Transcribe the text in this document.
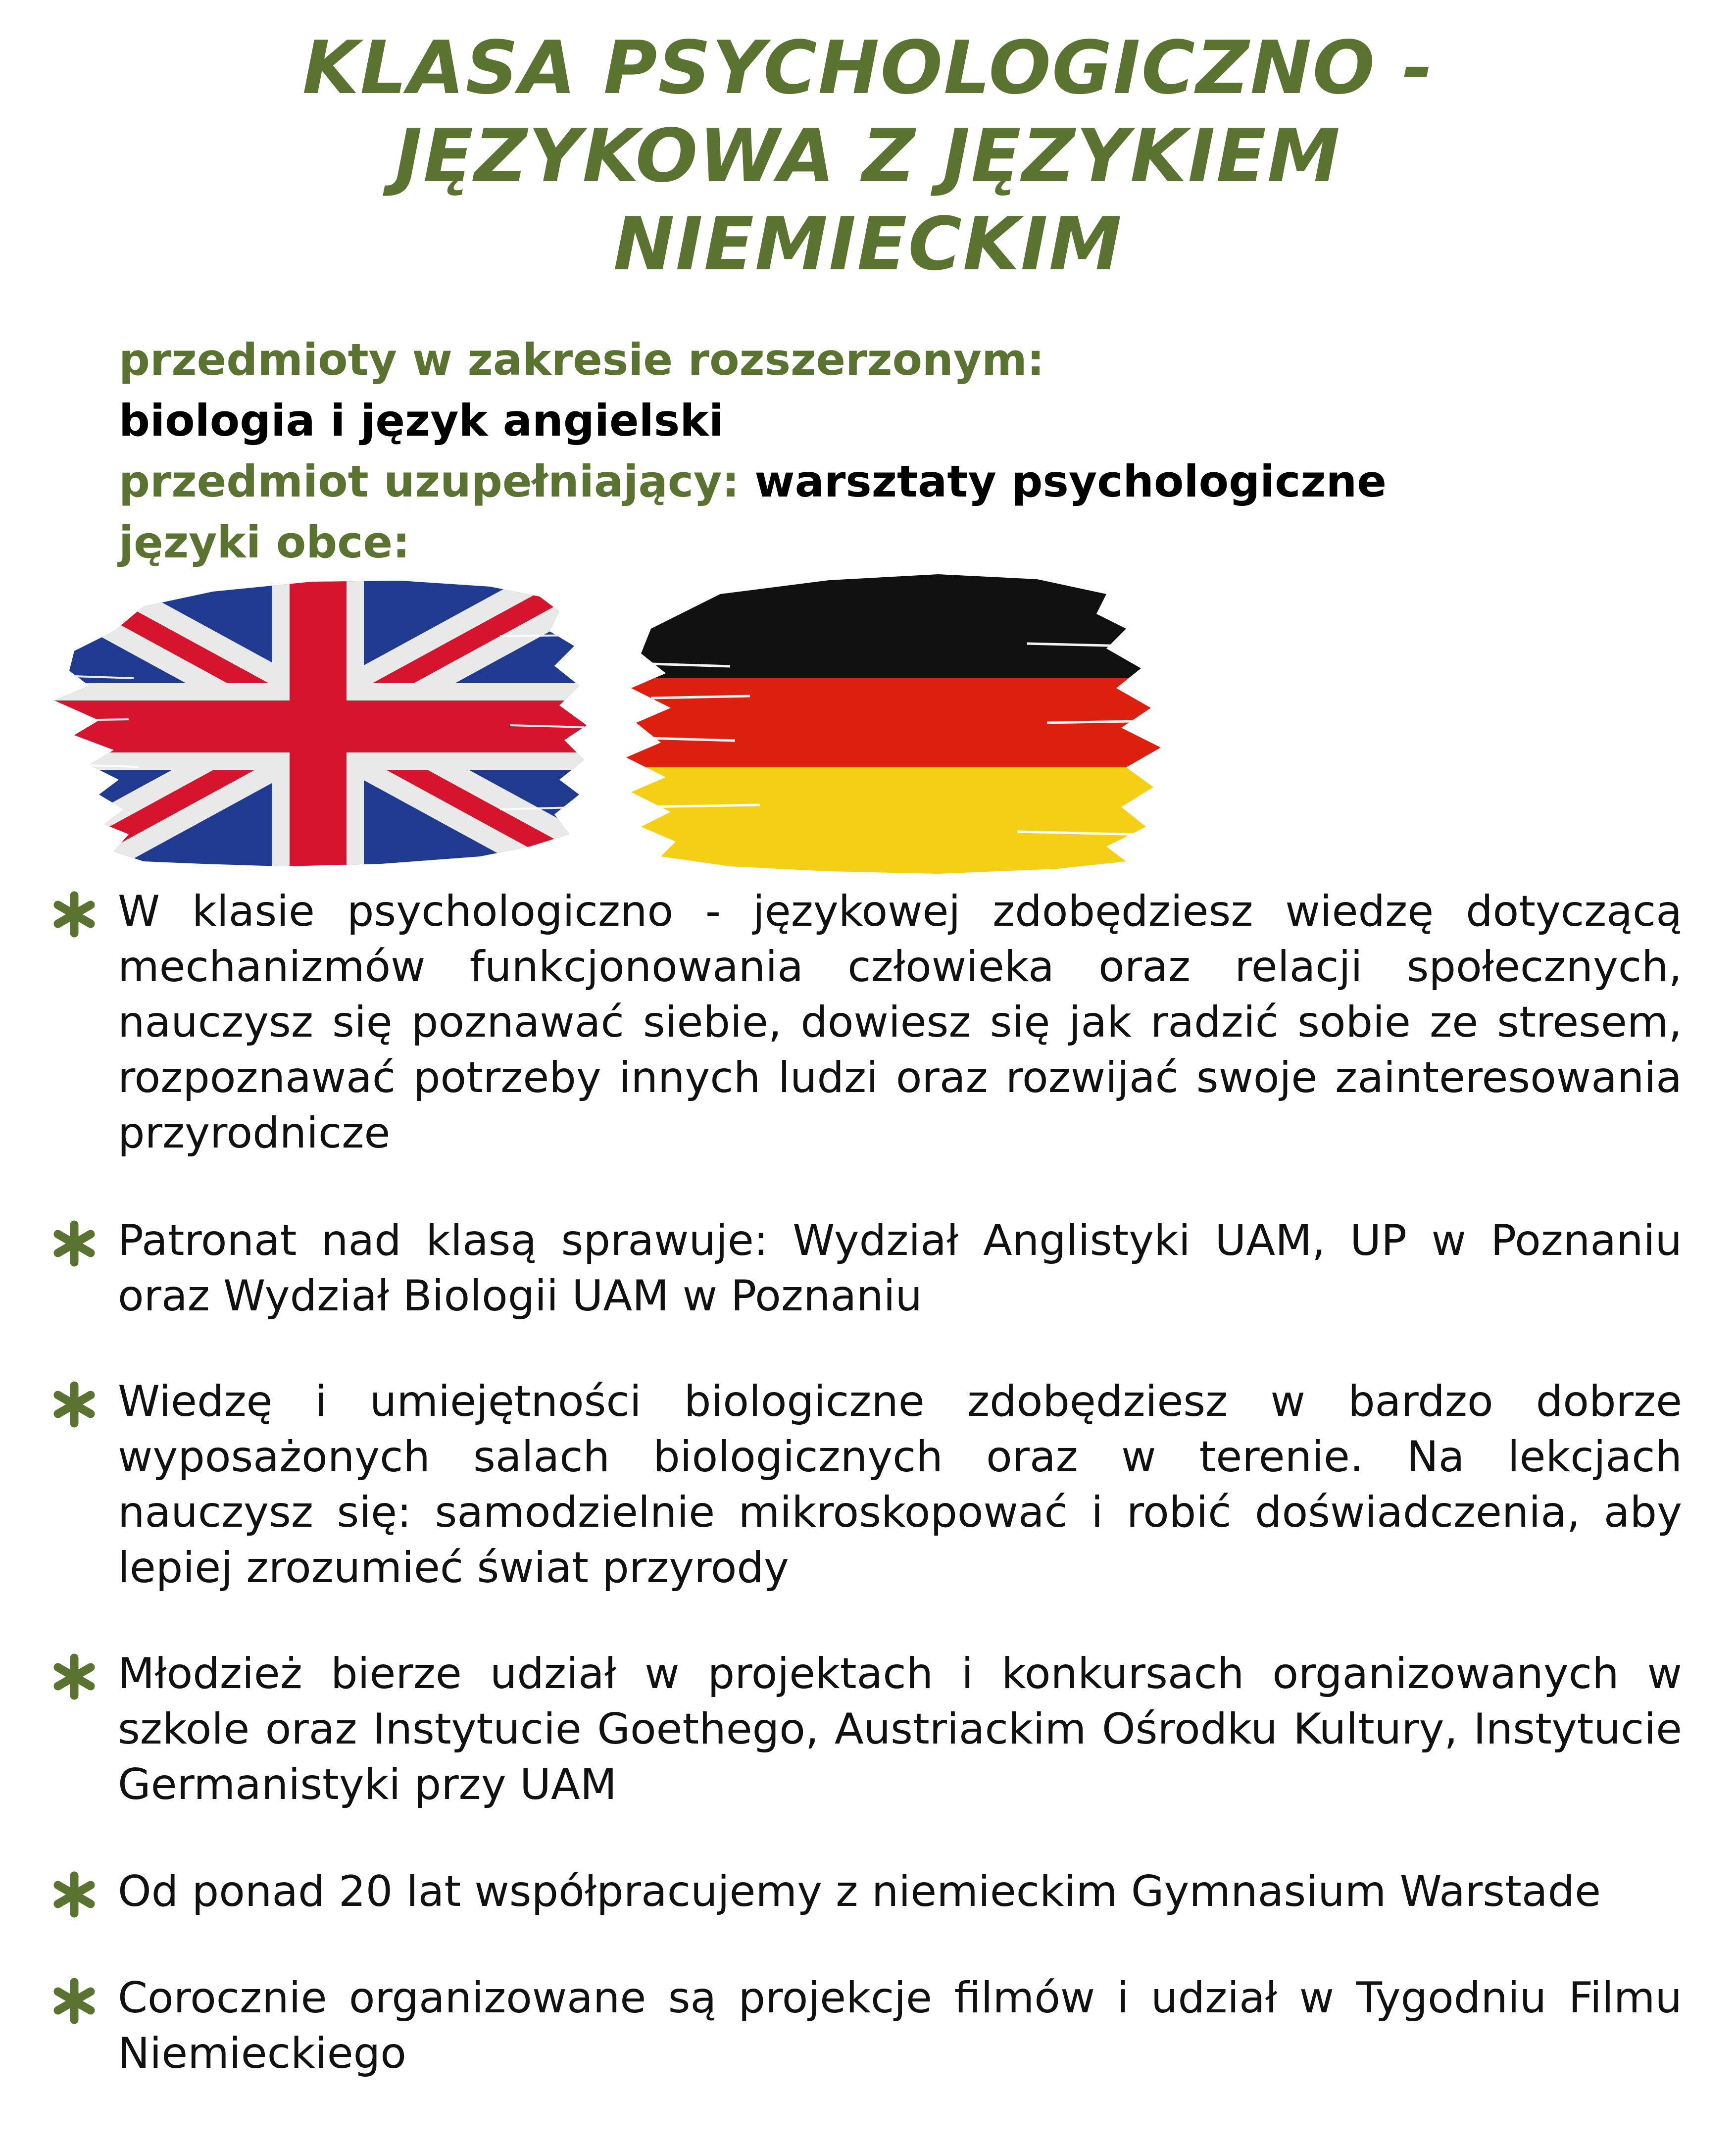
KLASA PSYCHOLOGICZNO -
JĘZYKOWA Z JĘZYKIEM
NIEMIECKIM
przedmioty w zakresie rozszerzonym:
biologia i język angielski
przedmiot uzupełniający: warsztaty psychologiczne
języki obce:

W klasie psychologiczno - językowej zdobędziesz wiedzę dotyczącą mechanizmów funkcjonowania człowieka oraz relacji społecznych, nauczysz się poznawać siebie, dowiesz się jak radzić sobie ze stresem, rozpoznawać potrzeby innych ludzi oraz rozwijać swoje zainteresowania przyrodnicze

Patronat nad klasą sprawuje: Wydział Anglistyki UAM, UP w Poznaniu oraz Wydział Biologii UAM w Poznaniu

Wiedzę i umiejętności biologiczne zdobędziesz w bardzo dobrze wyposażonych salach biologicznych oraz w terenie. Na lekcjach nauczysz się: samodzielnie mikroskopować i robić doświadczenia, aby lepiej zrozumieć świat przyrody

Młodzież bierze udział w projektach i konkursach organizowanych w szkole oraz Instytucie Goethego, Austriackim Ośrodku Kultury, Instytucie Germanistyki przy UAM

Od ponad 20 lat współpracujemy z niemieckim Gymnasium Warstade

Corocznie organizowane są projekcje filmów i udział w Tygodniu Filmu Niemieckiego
